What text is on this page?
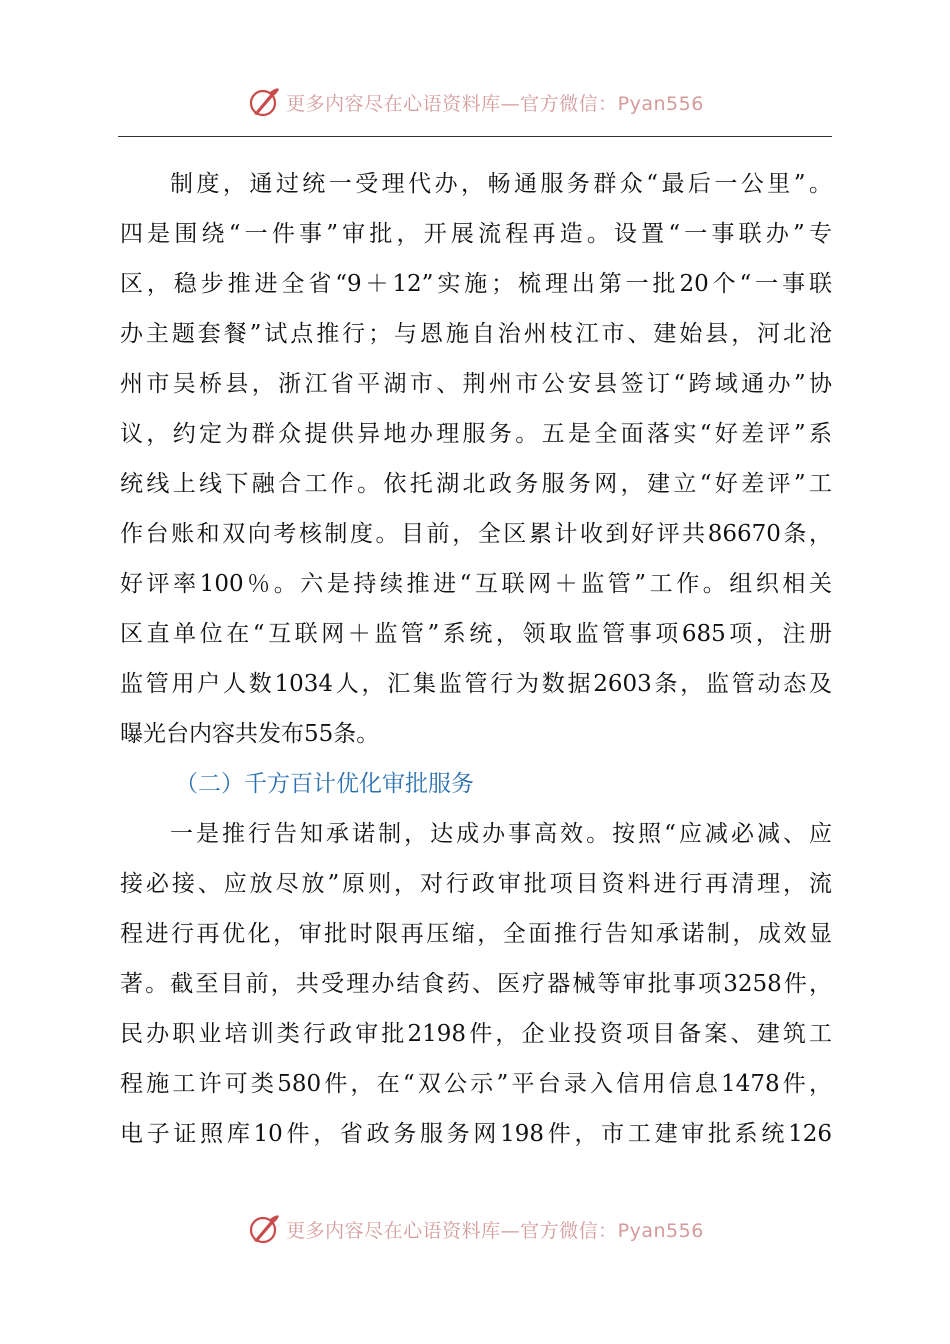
更多内容尽在心语资料库—官方微信：Pyan556
制度，通过统一受理代办，畅通服务群众“最后一公里”。
四是围绕“一件事”审批，开展流程再造。设置“一事联办”专
区，稳步推进全省“9＋12”实施；梳理出第一批20个“一事联
办主题套餐”试点推行；与恩施自治州枝江市、建始县，河北沧
州市吴桥县，浙江省平湖市、荆州市公安县签订“跨域通办”协
议，约定为群众提供异地办理服务。五是全面落实“好差评”系
统线上线下融合工作。依托湖北政务服务网，建立“好差评”工
作台账和双向考核制度。目前，全区累计收到好评共86670条，
好评率100％。六是持续推进“互联网＋监管”工作。组织相关
区直单位在“互联网＋监管”系统，领取监管事项685项，注册
监管用户人数1034人，汇集监管行为数据2603条，监管动态及
曝光台内容共发布55条。
（二）千方百计优化审批服务
一是推行告知承诺制，达成办事高效。按照“应减必减、应
接必接、应放尽放”原则，对行政审批项目资料进行再清理，流
程进行再优化，审批时限再压缩，全面推行告知承诺制，成效显
著。截至目前，共受理办结食药、医疗器械等审批事项3258件，
民办职业培训类行政审批2198件，企业投资项目备案、建筑工
程施工许可类580件，在“双公示”平台录入信用信息1478件，
电子证照库10件，省政务服务网198件，市工建审批系统126
更多内容尽在心语资料库—官方微信：Pyan556
